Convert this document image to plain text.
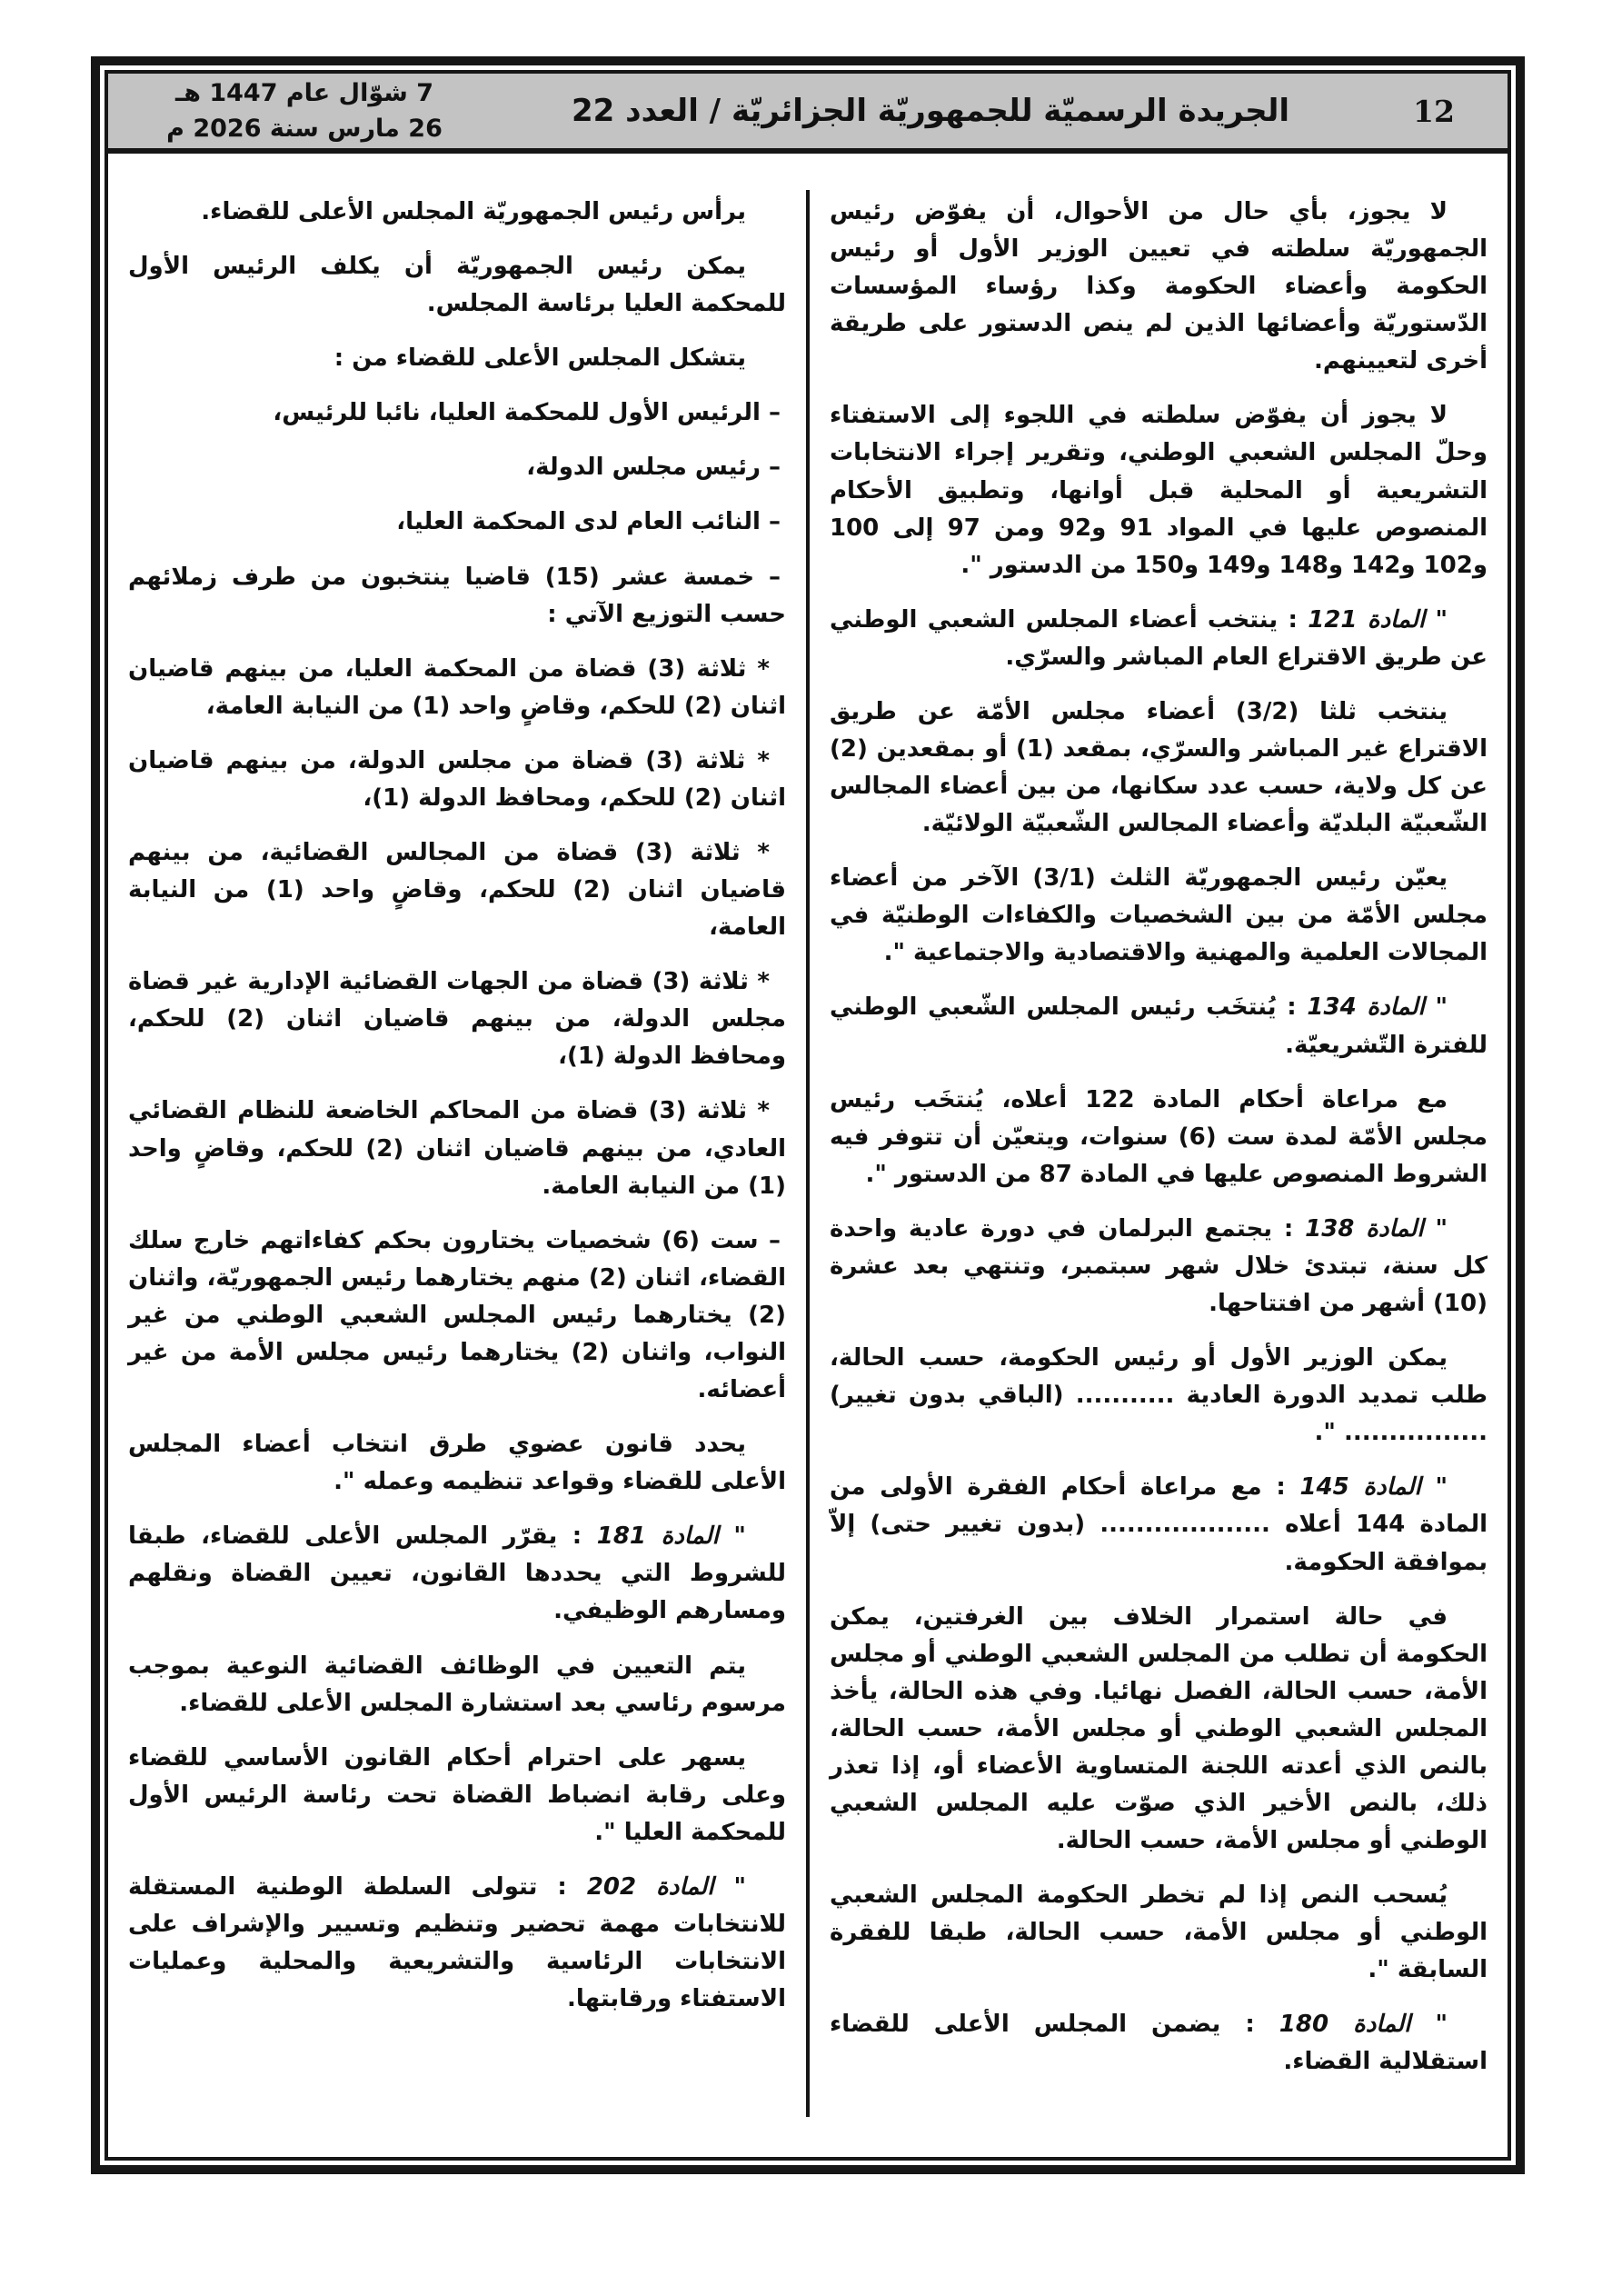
7 شوّال عام 1447 هـ
26 مارس سنة 2026 م	الجريدة الرسميّة للجمهوريّة الجزائريّة / العدد 22	12

يرأس رئيس الجمهوريّة المجلس الأعلى للقضاء.

يمكن رئيس الجمهوريّة أن يكلف الرئيس الأول للمحكمة العليا برئاسة المجلس.

يتشكل المجلس الأعلى للقضاء من :

– الرئيس الأول للمحكمة العليا، نائبا للرئيس،

– رئيس مجلس الدولة،

– النائب العام لدى المحكمة العليا،

– خمسة عشر (15) قاضيا ينتخبون من طرف زملائهم حسب التوزيع الآتي :

* ثلاثة (3) قضاة من المحكمة العليا، من بينهم قاضيان اثنان (2) للحكم، وقاضٍ واحد (1) من النيابة العامة،

* ثلاثة (3) قضاة من مجلس الدولة، من بينهم قاضيان اثنان (2) للحكم، ومحافظ الدولة (1)،

* ثلاثة (3) قضاة من المجالس القضائية، من بينهم قاضيان اثنان (2) للحكم، وقاضٍ واحد (1) من النيابة العامة،

* ثلاثة (3) قضاة من الجهات القضائية الإدارية غير قضاة مجلس الدولة، من بينهم قاضيان اثنان (2) للحكم، ومحافظ الدولة (1)،

* ثلاثة (3) قضاة من المحاكم الخاضعة للنظام القضائي العادي، من بينهم قاضيان اثنان (2) للحكم، وقاضٍ واحد (1) من النيابة العامة.

– ست (6) شخصيات يختارون بحكم كفاءاتهم خارج سلك القضاء، اثنان (2) منهم يختارهما رئيس الجمهوريّة، واثنان (2) يختارهما رئيس المجلس الشعبي الوطني من غير النواب، واثنان (2) يختارهما رئيس مجلس الأمة من غير أعضائه.

يحدد قانون عضوي طرق انتخاب أعضاء المجلس الأعلى للقضاء وقواعد تنظيمه وعمله ".

" المادة 181 : يقرّر المجلس الأعلى للقضاء، طبقا للشروط التي يحددها القانون، تعيين القضاة ونقلهم ومسارهم الوظيفي.

يتم التعيين في الوظائف القضائية النوعية بموجب مرسوم رئاسي بعد استشارة المجلس الأعلى للقضاء.

يسهر على احترام أحكام القانون الأساسي للقضاء وعلى رقابة انضباط القضاة تحت رئاسة الرئيس الأول للمحكمة العليا ".

" المادة 202 : تتولى السلطة الوطنية المستقلة للانتخابات مهمة تحضير وتنظيم وتسيير والإشراف على الانتخابات الرئاسية والتشريعية والمحلية وعمليات الاستفتاء ورقابتها.

لا يجوز، بأي حال من الأحوال، أن يفوّض رئيس الجمهوريّة سلطته في تعيين الوزير الأول أو رئيس الحكومة وأعضاء الحكومة وكذا رؤساء المؤسسات الدّستوريّة وأعضائها الذين لم ينص الدستور على طريقة أخرى لتعيينهم.

لا يجوز أن يفوّض سلطته في اللجوء إلى الاستفتاء وحلّ المجلس الشعبي الوطني، وتقرير إجراء الانتخابات التشريعية أو المحلية قبل أوانها، وتطبيق الأحكام المنصوص عليها في المواد 91 و92 ومن 97 إلى 100 و102 و142 و148 و149 و150 من الدستور ".

" المادة 121 : ينتخب أعضاء المجلس الشعبي الوطني عن طريق الاقتراع العام المباشر والسرّي.

ينتخب ثلثا (3/2) أعضاء مجلس الأمّة عن طريق الاقتراع غير المباشر والسرّي، بمقعد (1) أو بمقعدين (2) عن كل ولاية، حسب عدد سكانها، من بين أعضاء المجالس الشّعبيّة البلديّة وأعضاء المجالس الشّعبيّة الولائيّة.

يعيّن رئيس الجمهوريّة الثلث (3/1) الآخر من أعضاء مجلس الأمّة من بين الشخصيات والكفاءات الوطنيّة في المجالات العلمية والمهنية والاقتصادية والاجتماعية ".

" المادة 134 : يُنتخَب رئيس المجلس الشّعبي الوطني للفترة التّشريعيّة.

مع مراعاة أحكام المادة 122 أعلاه، يُنتخَب رئيس مجلس الأمّة لمدة ست (6) سنوات، ويتعيّن أن تتوفر فيه الشروط المنصوص عليها في المادة 87 من الدستور ".

" المادة 138 : يجتمع البرلمان في دورة عادية واحدة كل سنة، تبتدئ خلال شهر سبتمبر، وتنتهي بعد عشرة (10) أشهر من افتتاحها.

يمكن الوزير الأول أو رئيس الحكومة، حسب الحالة، طلب تمديد الدورة العادية ........... (الباقي بدون تغيير) ................ ".

" المادة 145 : مع مراعاة أحكام الفقرة الأولى من المادة 144 أعلاه ................... (بدون تغيير حتى) إلاّ بموافقة الحكومة.

في حالة استمرار الخلاف بين الغرفتين، يمكن الحكومة أن تطلب من المجلس الشعبي الوطني أو مجلس الأمة، حسب الحالة، الفصل نهائيا. وفي هذه الحالة، يأخذ المجلس الشعبي الوطني أو مجلس الأمة، حسب الحالة، بالنص الذي أعدته اللجنة المتساوية الأعضاء أو، إذا تعذر ذلك، بالنص الأخير الذي صوّت عليه المجلس الشعبي الوطني أو مجلس الأمة، حسب الحالة.

يُسحب النص إذا لم تخطر الحكومة المجلس الشعبي الوطني أو مجلس الأمة، حسب الحالة، طبقا للفقرة السابقة ".

" المادة 180 : يضمن المجلس الأعلى للقضاء استقلالية القضاء.
